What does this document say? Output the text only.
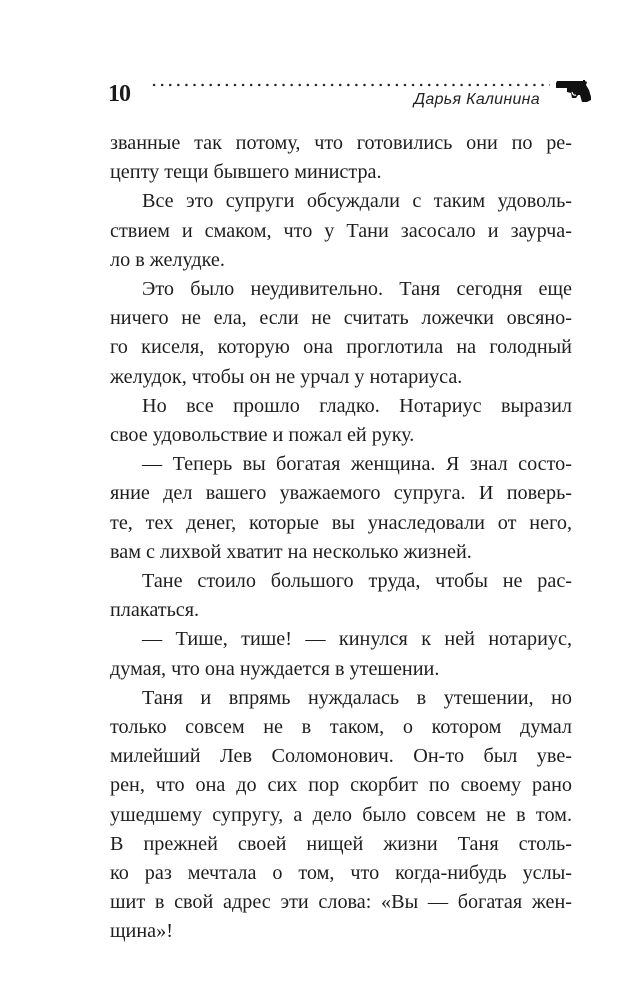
10	Дарья Калинина

званные так потому, что готовились они по ре-
цепту тещи бывшего министра.

Все это супруги обсуждали с таким удоволь-
ствием и смаком, что у Тани засосало и заурча-
ло в желудке.

Это было неудивительно. Таня сегодня еще
ничего не ела, если не считать ложечки овсяно-
го киселя, которую она проглотила на голодный
желудок, чтобы он не урчал у нотариуса.

Но все прошло гладко. Нотариус выразил
свое удовольствие и пожал ей руку.

— Теперь вы богатая женщина. Я знал состо-
яние дел вашего уважаемого супруга. И поверь-
те, тех денег, которые вы унаследовали от него,
вам с лихвой хватит на несколько жизней.

Тане стоило большого труда, чтобы не рас-
плакаться.

— Тише, тише! — кинулся к ней нотариус,
думая, что она нуждается в утешении.

Таня и впрямь нуждалась в утешении, но
только совсем не в таком, о котором думал
милейший Лев Соломонович. Он-то был уве-
рен, что она до сих пор скорбит по своему рано
ушедшему супругу, а дело было совсем не в том.
В прежней своей нищей жизни Таня столь-
ко раз мечтала о том, что когда-нибудь услы-
шит в свой адрес эти слова: «Вы — богатая жен-
щина»!
